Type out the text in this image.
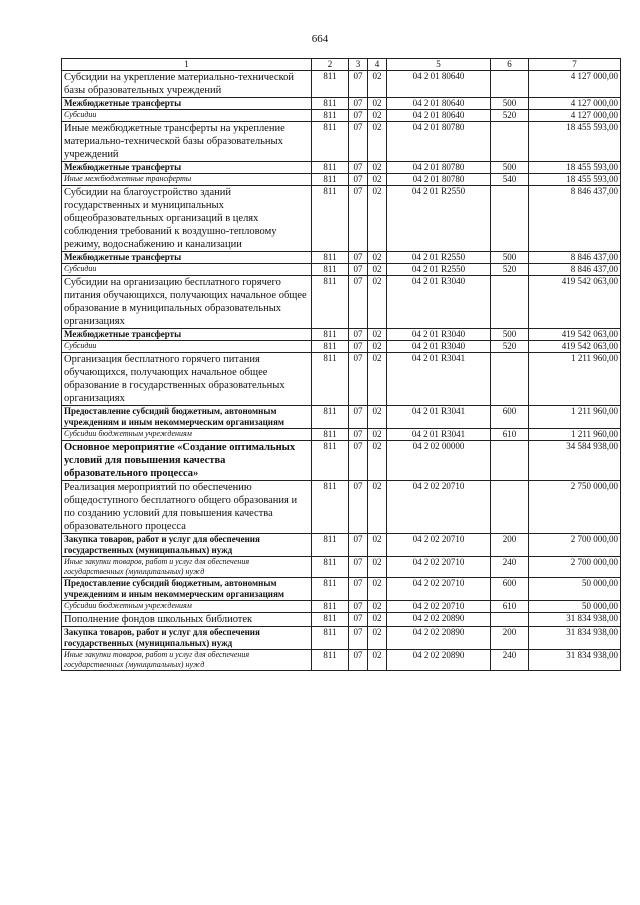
664
1	2	3	4	5	6	7
Субсидии на укрепление материально-технической базы образовательных учреждений	811	07	02	04 2 01 80640		4 127 000,00
Межбюджетные трансферты	811	07	02	04 2 01 80640	500	4 127 000,00
Субсидии	811	07	02	04 2 01 80640	520	4 127 000,00
Иные межбюджетные трансферты на укрепление материально-технической базы образовательных учреждений	811	07	02	04 2 01 80780		18 455 593,00
Межбюджетные трансферты	811	07	02	04 2 01 80780	500	18 455 593,00
Иные межбюджетные трансферты	811	07	02	04 2 01 80780	540	18 455 593,00
Субсидии на благоустройство зданий государственных и муниципальных общеобразовательных организаций в целях соблюдения требований к воздушно-тепловому режиму, водоснабжению и канализации	811	07	02	04 2 01 R2550		8 846 437,00
Межбюджетные трансферты	811	07	02	04 2 01 R2550	500	8 846 437,00
Субсидии	811	07	02	04 2 01 R2550	520	8 846 437,00
Субсидии на организацию бесплатного горячего питания обучающихся, получающих начальное общее образование в муниципальных образовательных организациях	811	07	02	04 2 01 R3040		419 542 063,00
Межбюджетные трансферты	811	07	02	04 2 01 R3040	500	419 542 063,00
Субсидии	811	07	02	04 2 01 R3040	520	419 542 063,00
Организация бесплатного горячего питания обучающихся, получающих начальное общее образование в государственных образовательных организациях	811	07	02	04 2 01 R3041		1 211 960,00
Предоставление субсидий бюджетным, автономным учреждениям и иным некоммерческим организациям	811	07	02	04 2 01 R3041	600	1 211 960,00
Субсидии бюджетным учреждениям	811	07	02	04 2 01 R3041	610	1 211 960,00
Основное мероприятие «Создание оптимальных условий для повышения качества образовательного процесса»	811	07	02	04 2 02 00000		34 584 938,00
Реализация мероприятий по обеспечению общедоступного бесплатного общего образования и по созданию условий для повышения качества образовательного процесса	811	07	02	04 2 02 20710		2 750 000,00
Закупка товаров, работ и услуг для обеспечения государственных (муниципальных) нужд	811	07	02	04 2 02 20710	200	2 700 000,00
Иные закупки товаров, работ и услуг для обеспечения государственных (муниципальных) нужд	811	07	02	04 2 02 20710	240	2 700 000,00
Предоставление субсидий бюджетным, автономным учреждениям и иным некоммерческим организациям	811	07	02	04 2 02 20710	600	50 000,00
Субсидии бюджетным учреждениям	811	07	02	04 2 02 20710	610	50 000,00
Пополнение фондов школьных библиотек	811	07	02	04 2 02 20890		31 834 938,00
Закупка товаров, работ и услуг для обеспечения государственных (муниципальных) нужд	811	07	02	04 2 02 20890	200	31 834 938,00
Иные закупки товаров, работ и услуг для обеспечения государственных (муниципальных) нужд	811	07	02	04 2 02 20890	240	31 834 938,00
